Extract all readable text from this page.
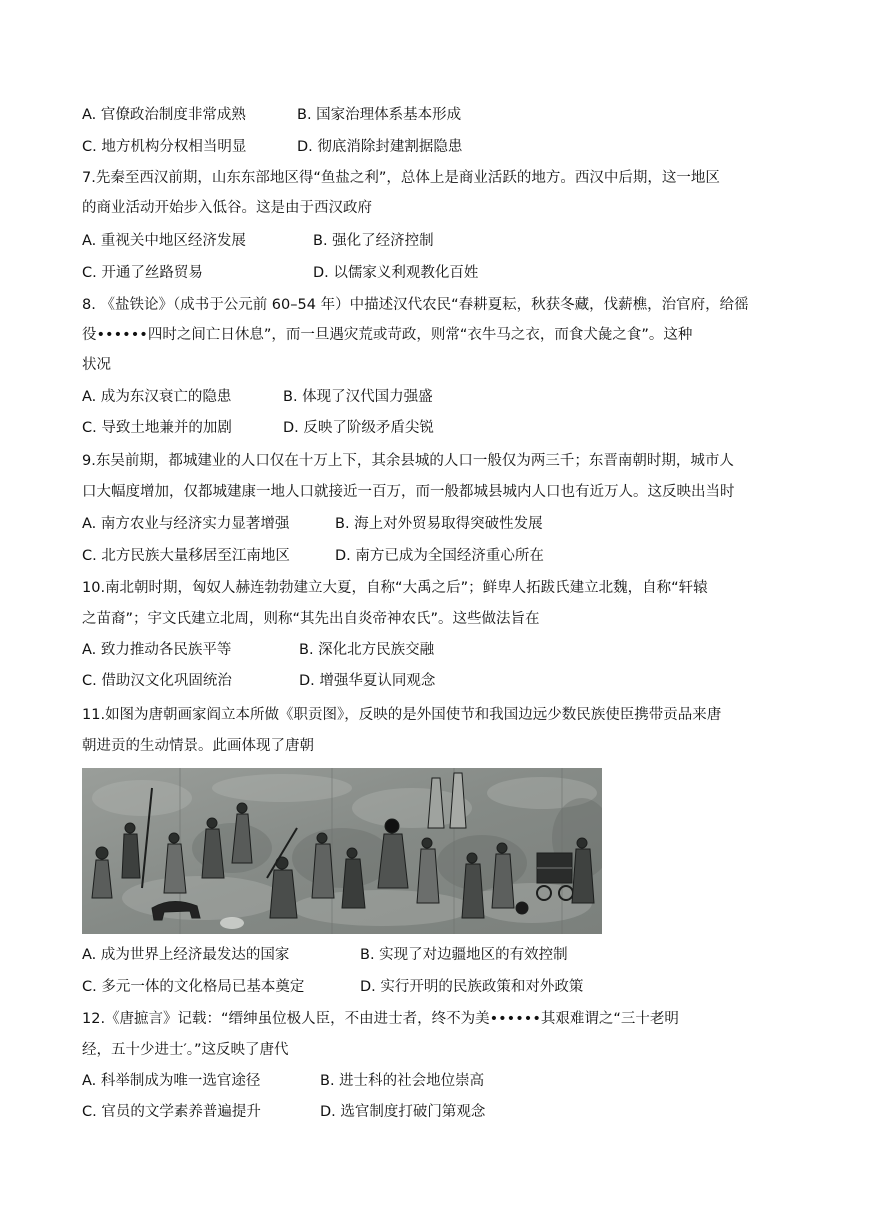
A. 官僚政治制度非常成熟	B. 国家治理体系基本形成
C. 地方机构分权相当明显	D. 彻底消除封建割据隐患
7.先秦至西汉前期，山东东部地区得“鱼盐之利”，总体上是商业活跃的地方。西汉中后期，这一地区
的商业活动开始步入低谷。这是由于西汉政府
A. 重视关中地区经济发展	B. 强化了经济控制
C. 开通了丝路贸易	D. 以儒家义利观教化百姓
8. 《盐铁论》（成书于公元前 60–54 年）中描述汉代农民“春耕夏耘，秋获冬藏，伐薪樵，治官府，给徭
役••••••四时之间亡日休息”，而一旦遇灾荒或苛政，则常“衣牛马之衣，而食犬彘之食”。这种
状况
A. 成为东汉衰亡的隐患	B. 体现了汉代国力强盛
C. 导致土地兼并的加剧	D. 反映了阶级矛盾尖锐
9.东吴前期，都城建业的人口仅在十万上下，其余县城的人口一般仅为两三千；东晋南朝时期，城市人
口大幅度增加，仅都城建康一地人口就接近一百万，而一般都城县城内人口也有近万人。这反映出当时
A. 南方农业与经济实力显著增强	B. 海上对外贸易取得突破性发展
C. 北方民族大量移居至江南地区	D. 南方已成为全国经济重心所在
10.南北朝时期，匈奴人赫连勃勃建立大夏，自称“大禹之后”；鲜卑人拓跋氏建立北魏，自称“轩辕
之苗裔”；宇文氏建立北周，则称“其先出自炎帝神农氏”。这些做法旨在
A. 致力推动各民族平等	B. 深化北方民族交融
C. 借助汉文化巩固统治	D. 增强华夏认同观念
11.如图为唐朝画家阎立本所做《职贡图》，反映的是外国使节和我国边远少数民族使臣携带贡品来唐
朝进贡的生动情景。此画体现了唐朝
A. 成为世界上经济最发达的国家	B. 实现了对边疆地区的有效控制
C. 多元一体的文化格局已基本奠定	D. 实行开明的民族政策和对外政策
12.《唐摭言》记载：“缙绅虽位极人臣，不由进士者，终不为美••••••其艰难谓之“三十老明
经，五十少进士′。”这反映了唐代
A. 科举制成为唯一选官途径	B. 进士科的社会地位崇高
C. 官员的文学素养普遍提升	D. 选官制度打破门第观念
